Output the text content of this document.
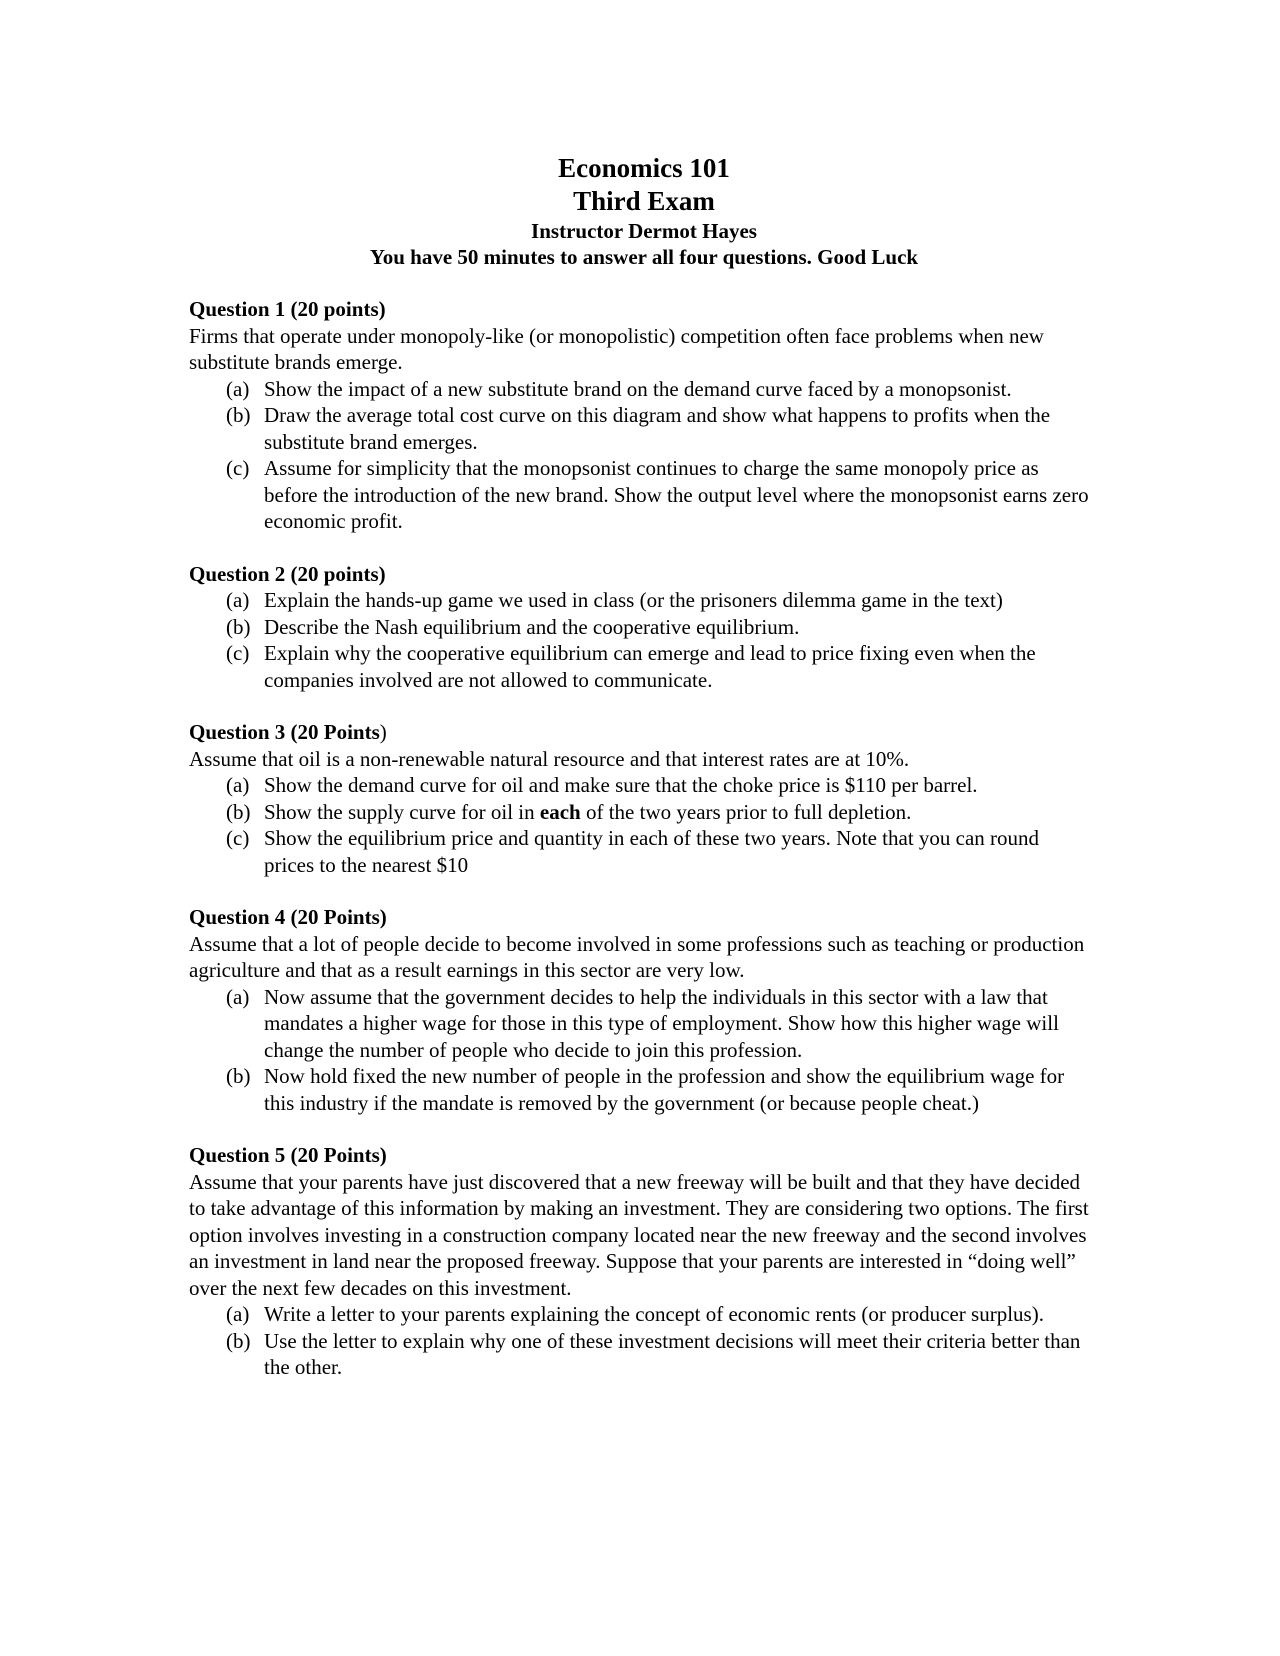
Economics 101
Third Exam
Instructor Dermot Hayes
You have 50 minutes to answer all four questions. Good Luck
Question 1 (20 points)

Firms that operate under monopoly-like (or monopolistic) competition often face problems when new substitute brands emerge.

(a) Show the impact of a new substitute brand on the demand curve faced by a monopsonist.
(b) Draw the average total cost curve on this diagram and show what happens to profits when the substitute brand emerges.
(c) Assume for simplicity that the monopsonist continues to charge the same monopoly price as before the introduction of the new brand. Show the output level where the monopsonist earns zero economic profit.
Question 2 (20 points)
(a) Explain the hands-up game we used in class (or the prisoners dilemma game in the text)
(b) Describe the Nash equilibrium and the cooperative equilibrium.
(c) Explain why the cooperative equilibrium can emerge and lead to price fixing even when the companies involved are not allowed to communicate.
Question 3 (20 Points)

Assume that oil is a non-renewable natural resource and that interest rates are at 10%.

(a) Show the demand curve for oil and make sure that the choke price is $110 per barrel.
(b) Show the supply curve for oil in each of the two years prior to full depletion.
(c) Show the equilibrium price and quantity in each of these two years. Note that you can round prices to the nearest $10
Question 4 (20 Points)

Assume that a lot of people decide to become involved in some professions such as teaching or production agriculture and that as a result earnings in this sector are very low.

(a) Now assume that the government decides to help the individuals in this sector with a law that mandates a higher wage for those in this type of employment. Show how this higher wage will change the number of people who decide to join this profession.
(b) Now hold fixed the new number of people in the profession and show the equilibrium wage for this industry if the mandate is removed by the government (or because people cheat.)
Question 5 (20 Points)

Assume that your parents have just discovered that a new freeway will be built and that they have decided to take advantage of this information by making an investment. They are considering two options. The first option involves investing in a construction company located near the new freeway and the second involves an investment in land near the proposed freeway. Suppose that your parents are interested in “doing well” over the next few decades on this investment.

(a) Write a letter to your parents explaining the concept of economic rents (or producer surplus).
(b) Use the letter to explain why one of these investment decisions will meet their criteria better than the other.
